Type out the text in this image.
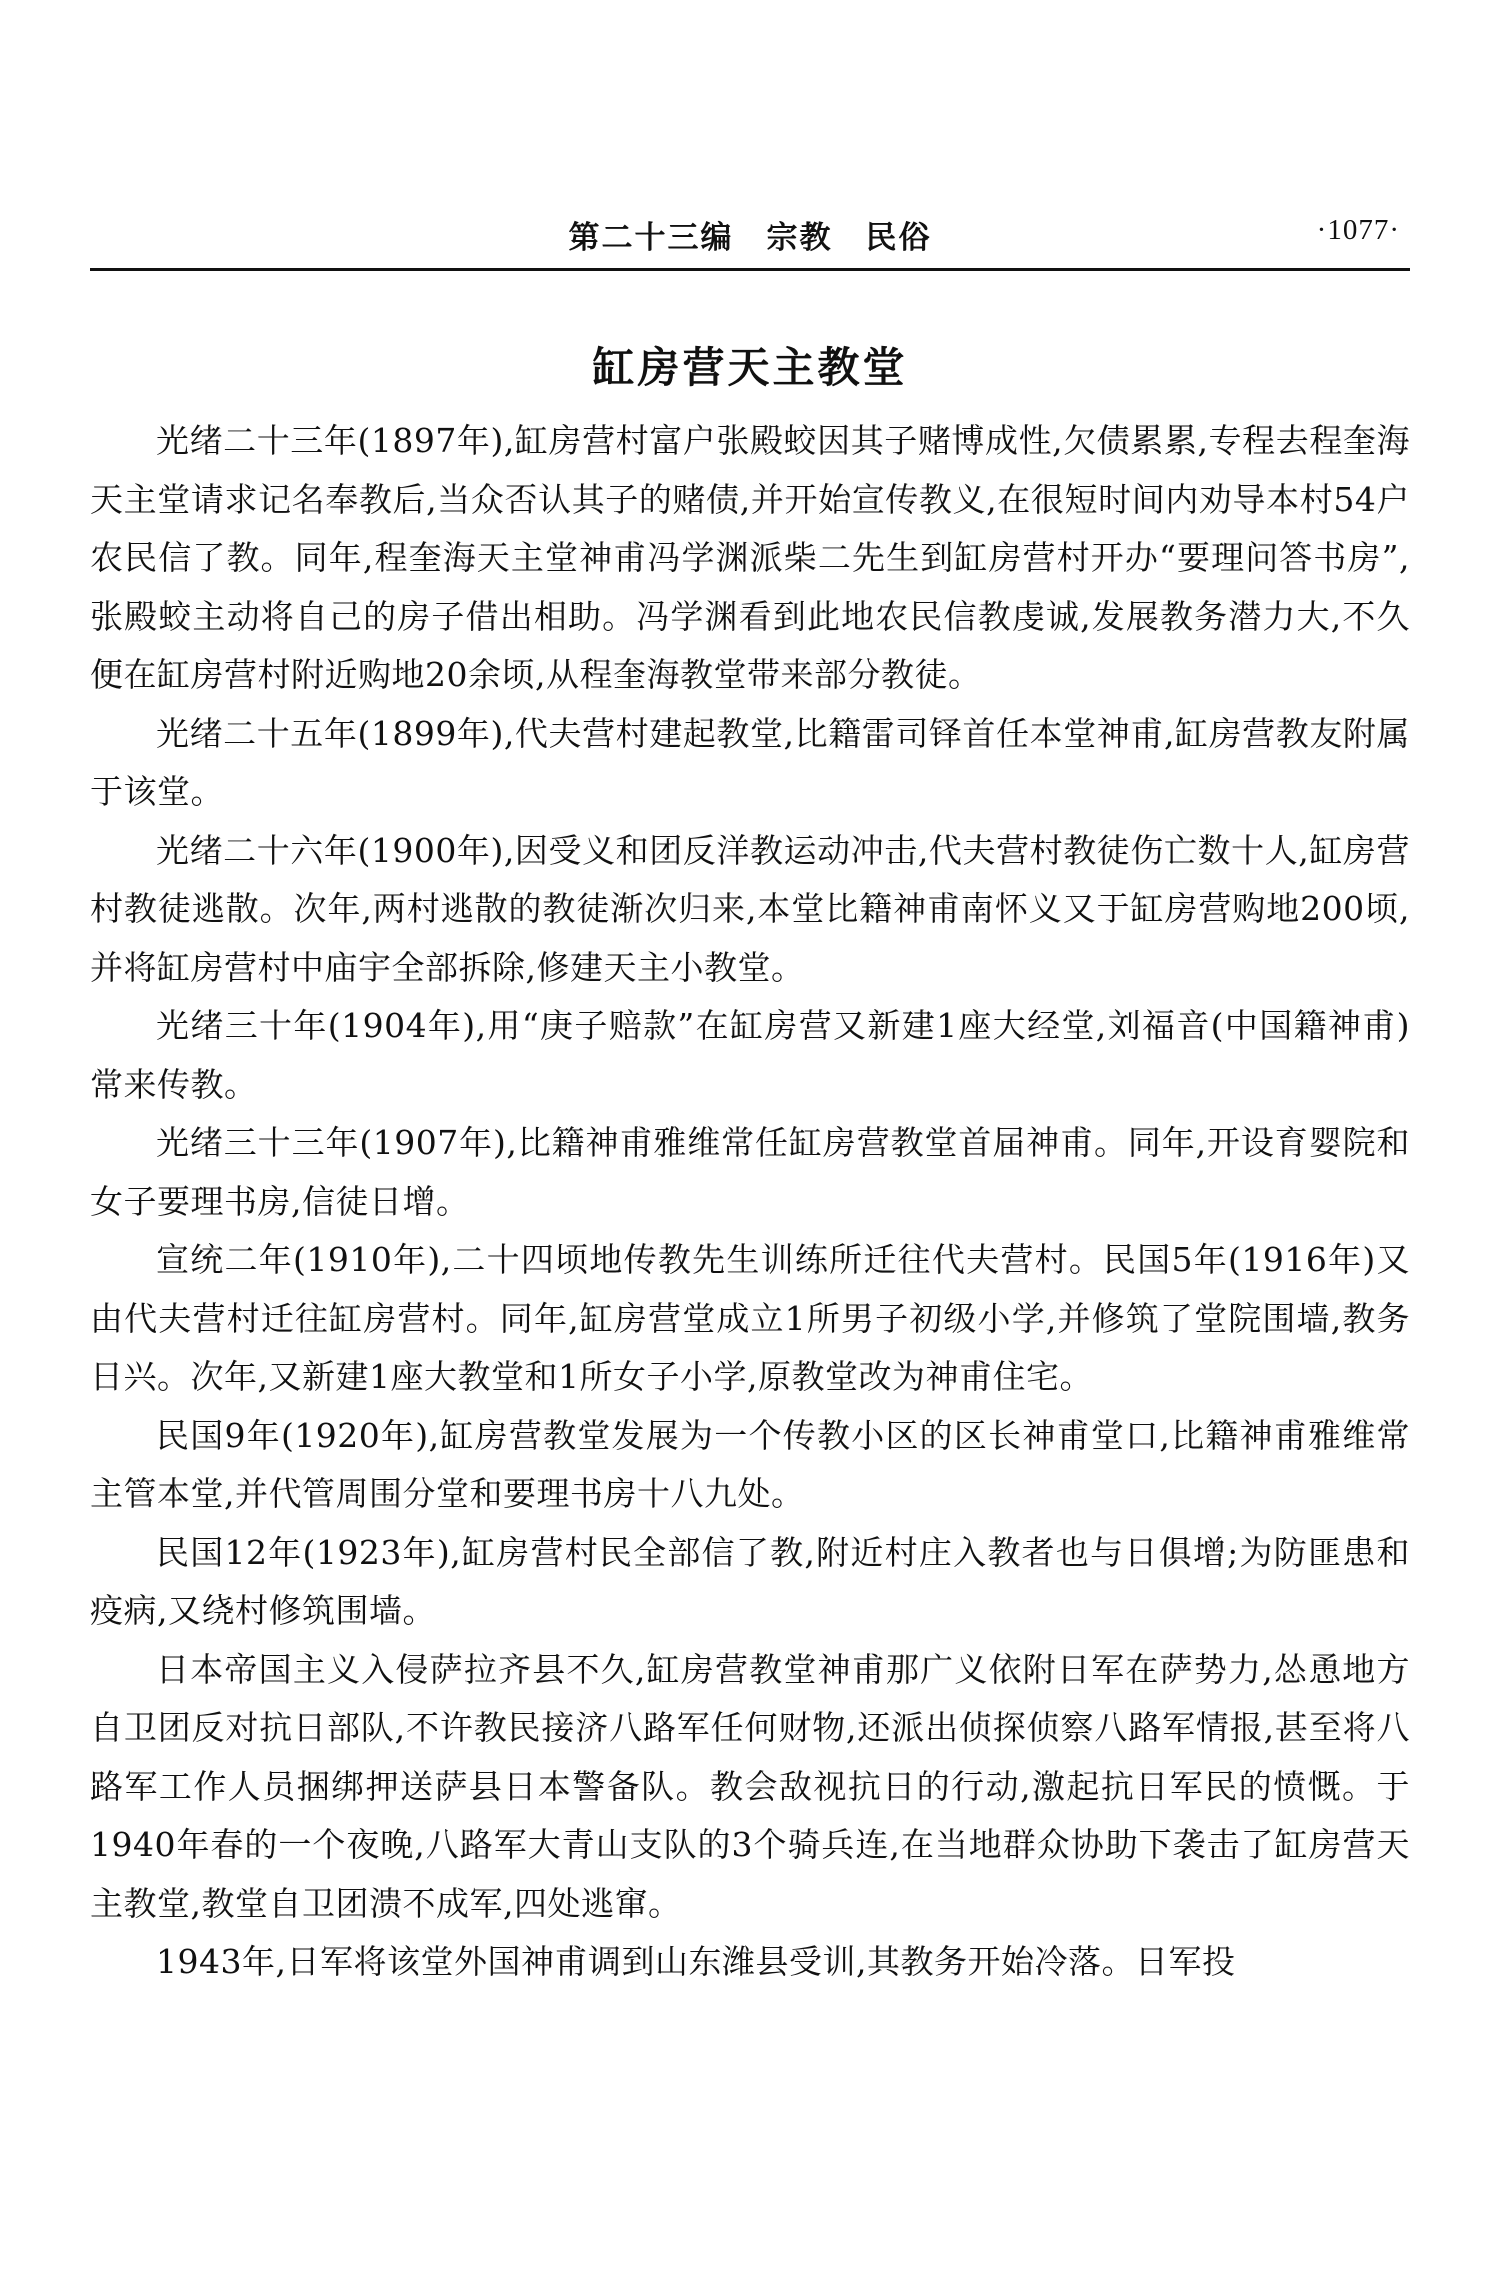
第二十三编　宗教　民俗	·1077·
缸房营天主教堂

光绪二十三年(1897年),缸房营村富户张殿蛟因其子赌博成性,欠债累累,专程去程奎海天主堂请求记名奉教后,当众否认其子的赌债,并开始宣传教义,在很短时间内劝导本村54户农民信了教。同年,程奎海天主堂神甫冯学渊派柴二先生到缸房营村开办“要理问答书房”,张殿蛟主动将自己的房子借出相助。冯学渊看到此地农民信教虔诚,发展教务潜力大,不久便在缸房营村附近购地20余顷,从程奎海教堂带来部分教徒。

光绪二十五年(1899年),代夫营村建起教堂,比籍雷司铎首任本堂神甫,缸房营教友附属于该堂。

光绪二十六年(1900年),因受义和团反洋教运动冲击,代夫营村教徒伤亡数十人,缸房营村教徒逃散。次年,两村逃散的教徒渐次归来,本堂比籍神甫南怀义又于缸房营购地200顷,并将缸房营村中庙宇全部拆除,修建天主小教堂。

光绪三十年(1904年),用“庚子赔款”在缸房营又新建1座大经堂,刘福音(中国籍神甫)常来传教。

光绪三十三年(1907年),比籍神甫雅维常任缸房营教堂首届神甫。同年,开设育婴院和女子要理书房,信徒日增。

宣统二年(1910年),二十四顷地传教先生训练所迁往代夫营村。民国5年(1916年)又由代夫营村迁往缸房营村。同年,缸房营堂成立1所男子初级小学,并修筑了堂院围墙,教务日兴。次年,又新建1座大教堂和1所女子小学,原教堂改为神甫住宅。

民国9年(1920年),缸房营教堂发展为一个传教小区的区长神甫堂口,比籍神甫雅维常主管本堂,并代管周围分堂和要理书房十八九处。

民国12年(1923年),缸房营村民全部信了教,附近村庄入教者也与日俱增;为防匪患和疫病,又绕村修筑围墙。

日本帝国主义入侵萨拉齐县不久,缸房营教堂神甫那广义依附日军在萨势力,怂恿地方自卫团反对抗日部队,不许教民接济八路军任何财物,还派出侦探侦察八路军情报,甚至将八路军工作人员捆绑押送萨县日本警备队。教会敌视抗日的行动,激起抗日军民的愤慨。于1940年春的一个夜晚,八路军大青山支队的3个骑兵连,在当地群众协助下袭击了缸房营天主教堂,教堂自卫团溃不成军,四处逃窜。

1943年,日军将该堂外国神甫调到山东潍县受训,其教务开始冷落。日军投
